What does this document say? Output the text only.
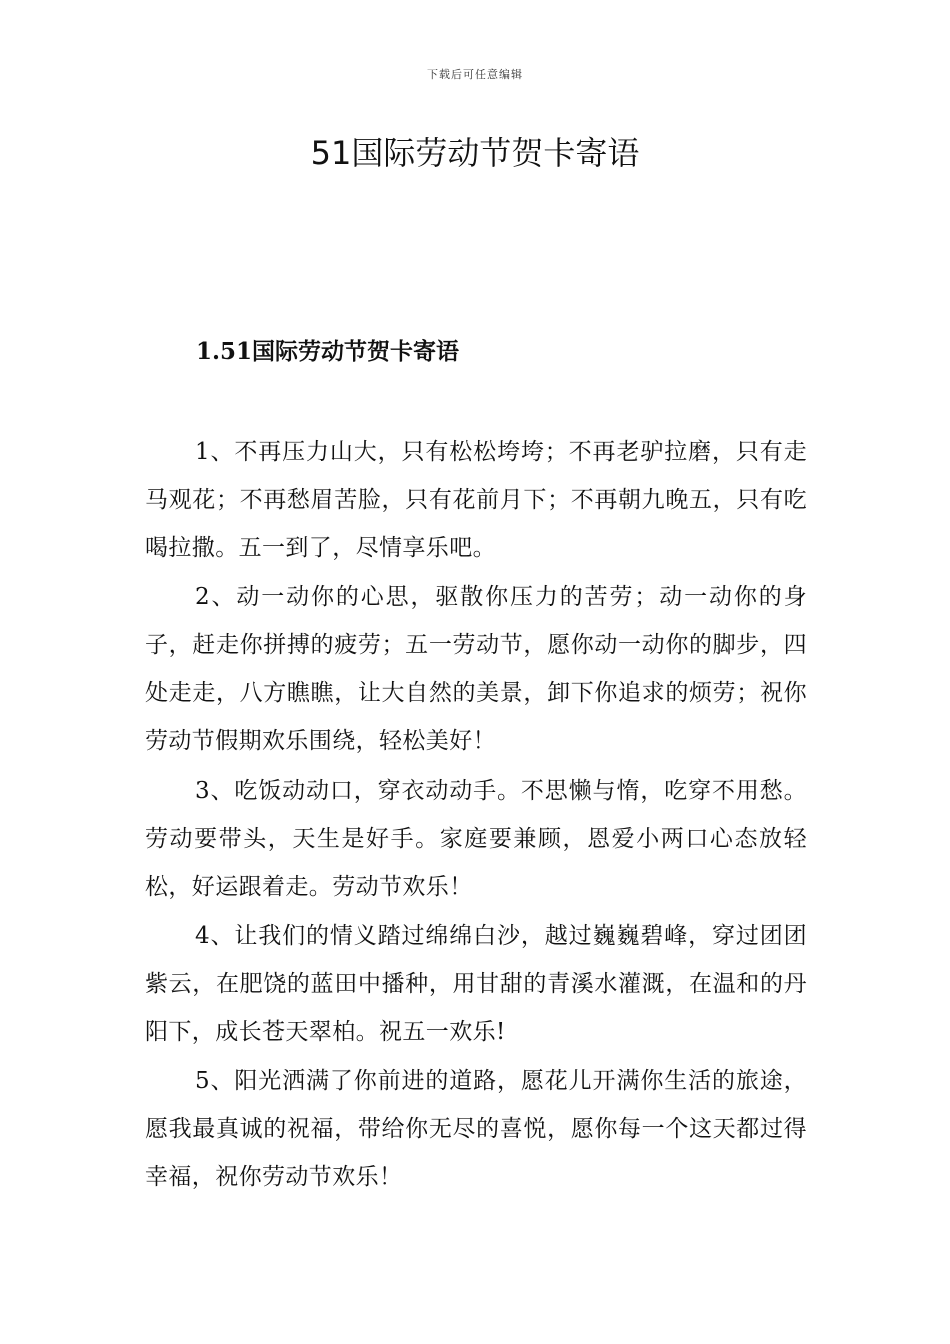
下载后可任意编辑
51国际劳动节贺卡寄语
1.51国际劳动节贺卡寄语

1、不再压力山大，只有松松垮垮；不再老驴拉磨，只有走马观花；不再愁眉苦脸，只有花前月下；不再朝九晚五，只有吃喝拉撒。五一到了，尽情享乐吧。

2、动一动你的心思，驱散你压力的苦劳；动一动你的身子，赶走你拼搏的疲劳；五一劳动节，愿你动一动你的脚步，四处走走，八方瞧瞧，让大自然的美景，卸下你追求的烦劳；祝你劳动节假期欢乐围绕，轻松美好！

3、吃饭动动口，穿衣动动手。不思懒与惰，吃穿不用愁。劳动要带头，天生是好手。家庭要兼顾，恩爱小两口心态放轻松，好运跟着走。劳动节欢乐！

4、让我们的情义踏过绵绵白沙，越过巍巍碧峰，穿过团团紫云，在肥饶的蓝田中播种，用甘甜的青溪水灌溉，在温和的丹阳下，成长苍天翠柏。祝五一欢乐!

5、阳光洒满了你前进的道路，愿花儿开满你生活的旅途，愿我最真诚的祝福，带给你无尽的喜悦，愿你每一个这天都过得幸福，祝你劳动节欢乐！
